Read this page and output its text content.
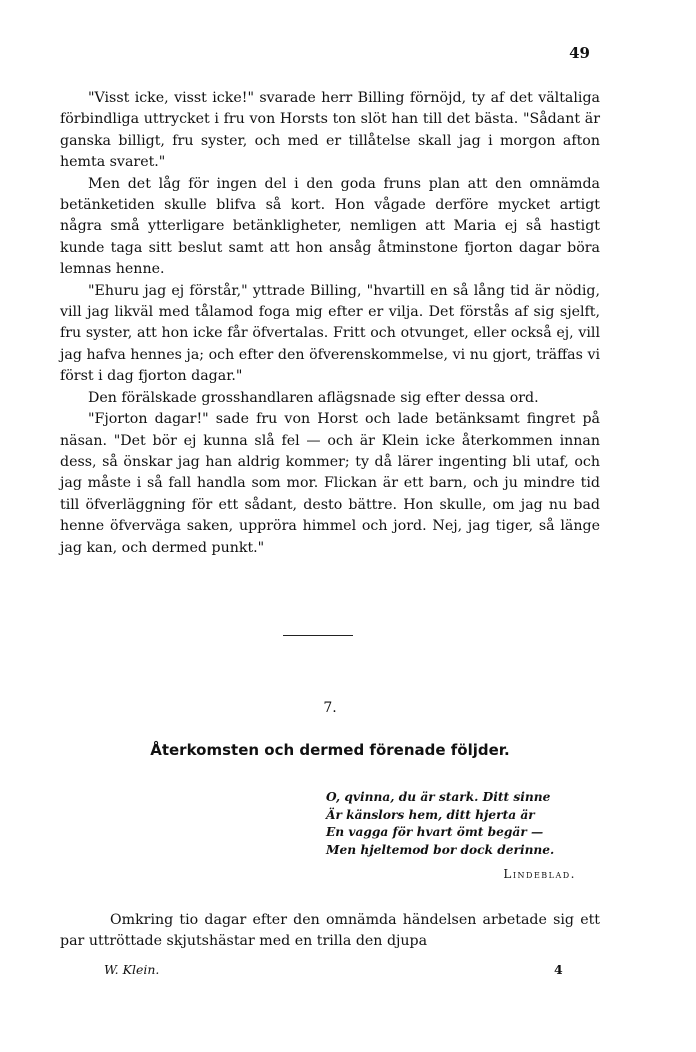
49

"Visst icke, visst icke!" svarade herr Billing förnöjd, ty af det vältaliga förbindliga uttrycket i fru von Horsts ton slöt han till det bästa. "Sådant är ganska billigt, fru syster, och med er tillåtelse skall jag i morgon afton hemta svaret."

Men det låg för ingen del i den goda fruns plan att den omnämda betänketiden skulle blifva så kort. Hon vågade derföre mycket artigt några små ytterligare betänkligheter, nemligen att Maria ej så hastigt kunde taga sitt beslut samt att hon ansåg åtminstone fjorton dagar böra lemnas henne.

"Ehuru jag ej förstår," yttrade Billing, "hvartill en så lång tid är nödig, vill jag likväl med tålamod foga mig efter er vilja. Det förstås af sig sjelft, fru syster, att hon icke får öfvertalas. Fritt och otvunget, eller också ej, vill jag hafva hennes ja; och efter den öfverenskommelse, vi nu gjort, träffas vi först i dag fjorton dagar."

Den förälskade grosshandlaren aflägsnade sig efter dessa ord.

"Fjorton dagar!" sade fru von Horst och lade betänksamt fingret på näsan. "Det bör ej kunna slå fel — och är Klein icke återkommen innan dess, så önskar jag han aldrig kommer; ty då lärer ingenting bli utaf, och jag måste i så fall handla som mor. Flickan är ett barn, och ju mindre tid till öfverläggning för ett sådant, desto bättre. Hon skulle, om jag nu bad henne öfverväga saken, uppröra himmel och jord. Nej, jag tiger, så länge jag kan, och dermed punkt."

7.
Återkomsten och dermed förenade följder.
O, qvinna, du är stark. Ditt sinne
Är känslors hem, ditt hjerta är
En vagga för hvart ömt begär —
Men hjeltemod bor dock derinne.
Lindeblad.

Omkring tio dagar efter den omnämda händelsen arbetade sig ett par uttröttade skjutshästar med en trilla den djupa

W. Klein.	4
